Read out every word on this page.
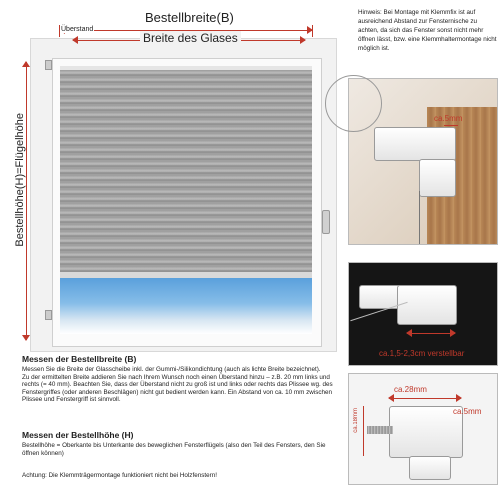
Bestellbreite(B)
Überstand
Breite des Glases
Bestellhöhe(H)=Flügelhöhe
Hinweis: Bei Montage mit Klemmfix ist auf ausreichend Abstand zur Fensternische zu achten, da sich das Fenster sonst nicht mehr öffnen lässt, bzw. eine Klemmhaltermontage nicht möglich ist.
ca.5mm
ca.1,5-2,3cm verstellbar
ca.28mm
ca.18mm	ca.5mm

Messen der Bestellbreite (B)

Messen Sie die Breite der Glasscheibe inkl. der Gummi-/Silikondichtung (auch als lichte Breite bezeichnet).

Zu der ermittelten Breite addieren Sie nach Ihrem Wunsch noch einen Überstand hinzu – z.B. 20 mm links und rechts (= 40 mm). Beachten Sie, dass der Überstand nicht zu groß ist und links oder rechts das Plissee wg. des Fenstergriffes (oder anderen Beschlägen) nicht gut bedient werden kann. Ein Abstand von ca. 10 mm zwischen Plissee und Fenstergriff ist sinnvoll.

Messen der Bestellhöhe (H)

Bestellhöhe = Oberkante bis Unterkante des beweglichen Fensterflügels (also den Teil des Fensters, den Sie öffnen können)

Achtung: Die Klemmträgermontage funktioniert nicht bei Holzfenstern!
